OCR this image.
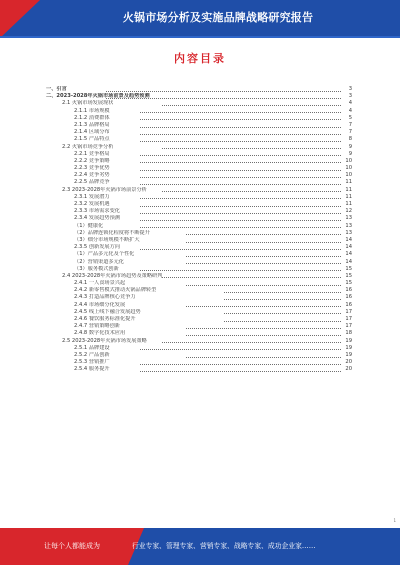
火锅市场分析及实施品牌战略研究报告
内容目录
一、引言	3
二、2023-2028年火锅市场前景及趋势预测	3
2.1 火锅市场发展现状	4
2.1.1 市场规模	4
2.1.2 消费群体	5
2.1.3 品牌格局	7
2.1.4 区域分布	7
2.1.5 产品特点	8
2.2 火锅市场竞争分析	9
2.2.1 竞争格局	9
2.2.2 竞争策略	10
2.2.3 竞争优势	10
2.2.4 竞争劣势	10
2.2.5 品牌竞争	11
2.3 2023-2028年火锅市场前景分析	11
2.3.1 发展潜力	11
2.3.2 发展机遇	11
2.3.3 市场需求变化	12
2.3.4 发展趋势预测	13
（1）健康化	13
（2）品牌连锁化程度将不断提升	13
（3）细分市场规模不断扩大	14
2.3.5 创新发展方向	14
（1）产品多元化及个性化	14
（2）营销渠道多元化	14
（3）服务模式创新	15
2.4 2023-2028年火锅市场趋势及策略研判	15
2.4.1 一人食场景兴起	15
2.4.2 新零售模式推动火锅品牌转型	16
2.4.3 打造品牌核心竞争力	16
2.4.4 市场细分化发展	16
2.4.5 线上线下融合发展趋势	17
2.4.6 餐饮服务标准化提升	17
2.4.7 营销策略创新	17
2.4.8 数字化技术应用	18
2.5 2023-2028年火锅市场发展策略	19
2.5.1 品牌建设	19
2.5.2 产品创新	19
2.5.3 营销推广	20
2.5.4 服务提升	20
1
让每个人都能成为	行业专家、管理专家、营销专家、战略专家、成功企业家……
